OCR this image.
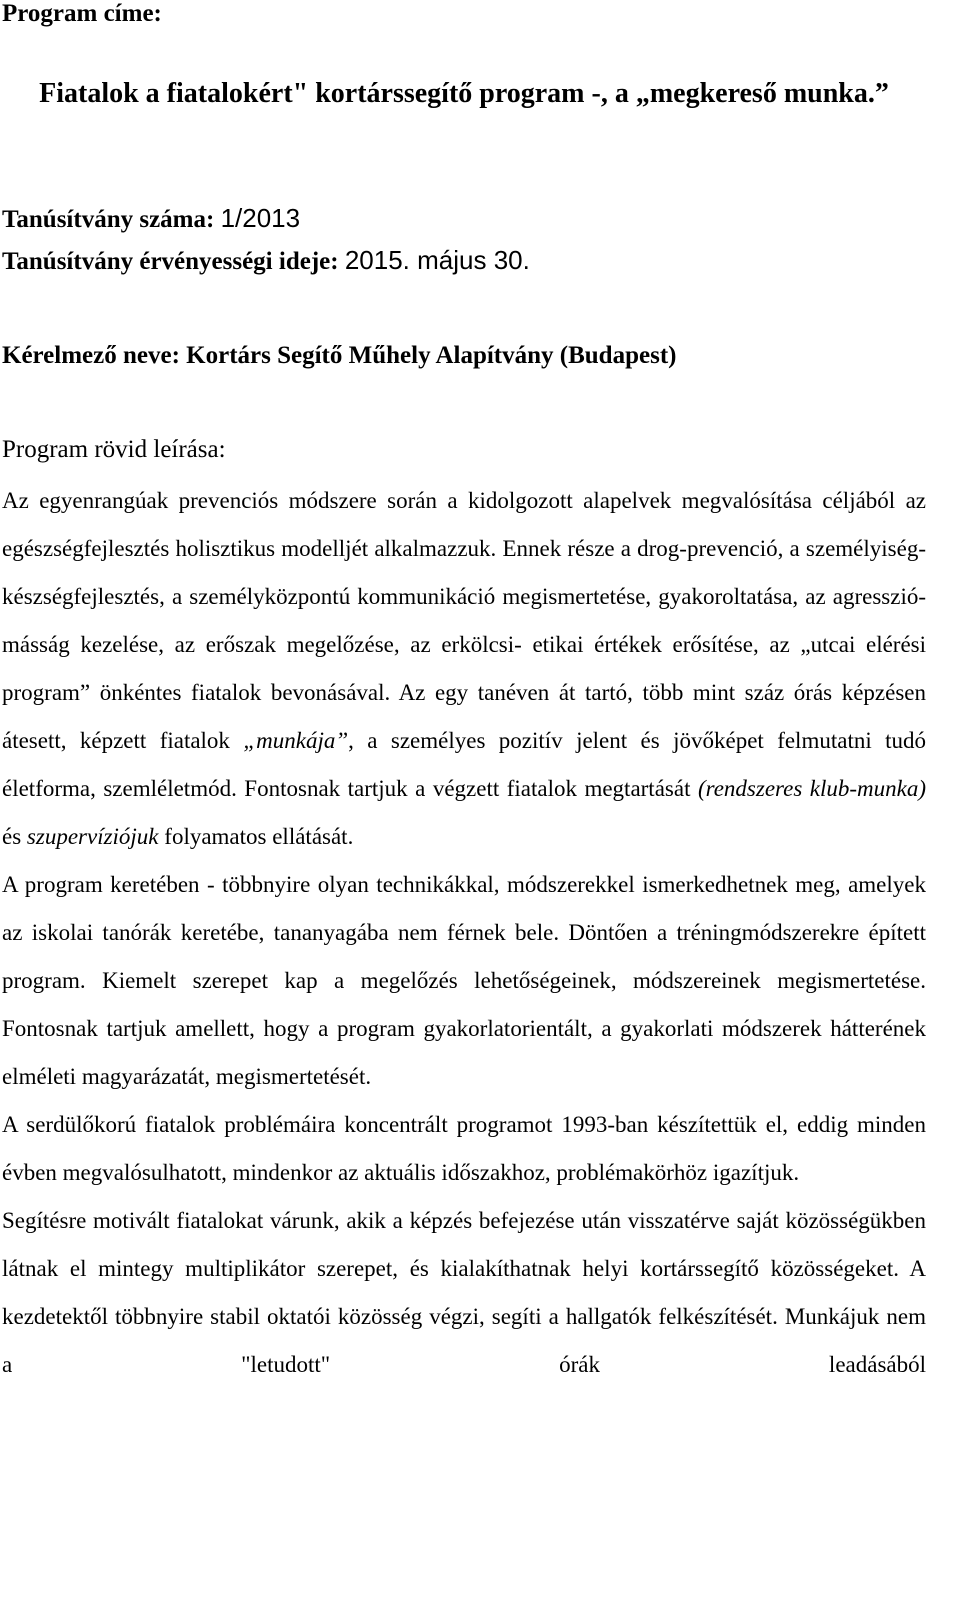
Program címe:
Fiatalok a fiatalokért" kortárssegítő program -, a „megkereső munka.”
Tanúsítvány száma: 1/2013
Tanúsítvány érvényességi ideje: 2015. május 30.
Kérelmező neve: Kortárs Segítő Műhely Alapítvány (Budapest)
Program rövid leírása:

Az egyenrangúak prevenciós módszere során a kidolgozott alapelvek megvalósítása céljából az egészségfejlesztés holisztikus modelljét alkalmazzuk. Ennek része a drog-prevenció, a személyiség-készségfejlesztés, a személyközpontú kommunikáció megismertetése, gyakoroltatása, az agresszió-másság kezelése, az erőszak megelőzése, az erkölcsi- etikai értékek erősítése, az „utcai elérési program” önkéntes fiatalok bevonásával. Az egy tanéven át tartó, több mint száz órás képzésen átesett, képzett fiatalok „munkája”, a személyes pozitív jelent és jövőképet felmutatni tudó életforma, szemléletmód. Fontosnak tartjuk a végzett fiatalok megtartását (rendszeres klub-munka) és szupervíziójuk folyamatos ellátását.

A program keretében - többnyire olyan technikákkal, módszerekkel ismerkedhetnek meg, amelyek az iskolai tanórák keretébe, tananyagába nem férnek bele. Döntően a tréningmódszerekre épített program. Kiemelt szerepet kap a megelőzés lehetőségeinek, módszereinek megismertetése. Fontosnak tartjuk amellett, hogy a program gyakorlatorientált, a gyakorlati módszerek hátterének elméleti magyarázatát, megismertetését.

A serdülőkorú fiatalok problémáira koncentrált programot 1993-ban készítettük el, eddig minden évben megvalósulhatott, mindenkor az aktuális időszakhoz, problémakörhöz igazítjuk.

Segítésre motivált fiatalokat várunk, akik a képzés befejezése után visszatérve saját közösségükben látnak el mintegy multiplikátor szerepet, és kialakíthatnak helyi kortárssegítő közösségeket. A kezdetektől többnyire stabil oktatói közösség végzi, segíti a hallgatók felkészítését. Munkájuk nem a "letudott" órák leadásából
